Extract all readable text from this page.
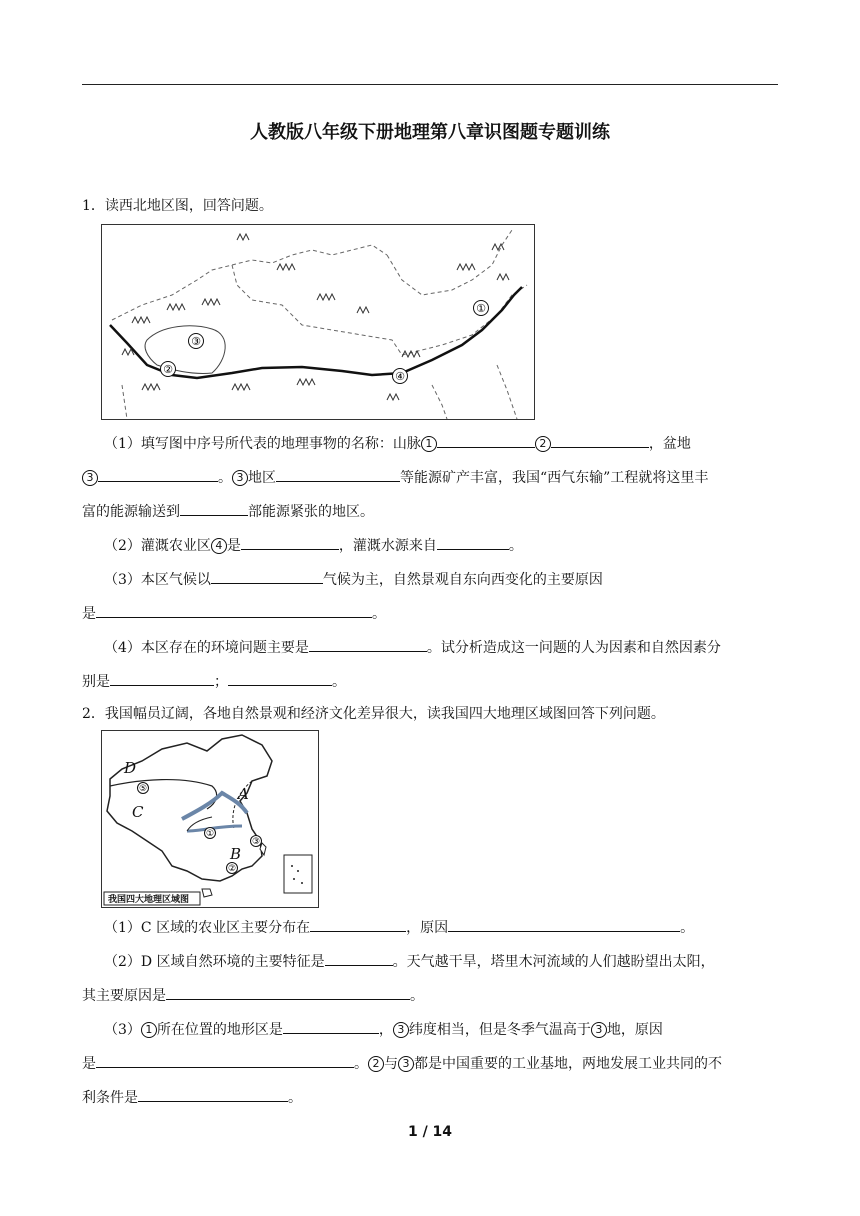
人教版八年级下册地理第八章识图题专题训练
1．读西北地区图，回答问题。
①
②
③
④
（1）填写图中序号所代表的地理事物的名称：山脉 1	2	，盆地
3	。 3 地区	等能源矿产丰富，我国“西气东输”工程就将这里丰
富的能源输送到	部能源紧张的地区。
（2）灌溉农业区 4 是	，灌溉水源来自	。
（3）本区气候以	气候为主，自然景观自东向西变化的主要原因
是	。
（4）本区存在的环境问题主要是	。试分析造成这一问题的人为因素和自然因素分
别是	；	。
2．我国幅员辽阔，各地自然景观和经济文化差异很大，读我国四大地理区域图回答下列问题。
D
C
A
B
⑤
①
③
②
我国四大地理区域图
（1）C 区域的农业区主要分布在	，原因	。
（2）D 区域自然环境的主要特征是	。天气越干旱，塔里木河流域的人们越盼望出太阳，
其主要原因是	。
（3） 1 所在位置的地形区是	， 3 纬度相当，但是冬季气温高于 3 地，原因
是	。 2 与 3 都是中国重要的工业基地，两地发展工业共同的不
利条件是	。
1 / 14
